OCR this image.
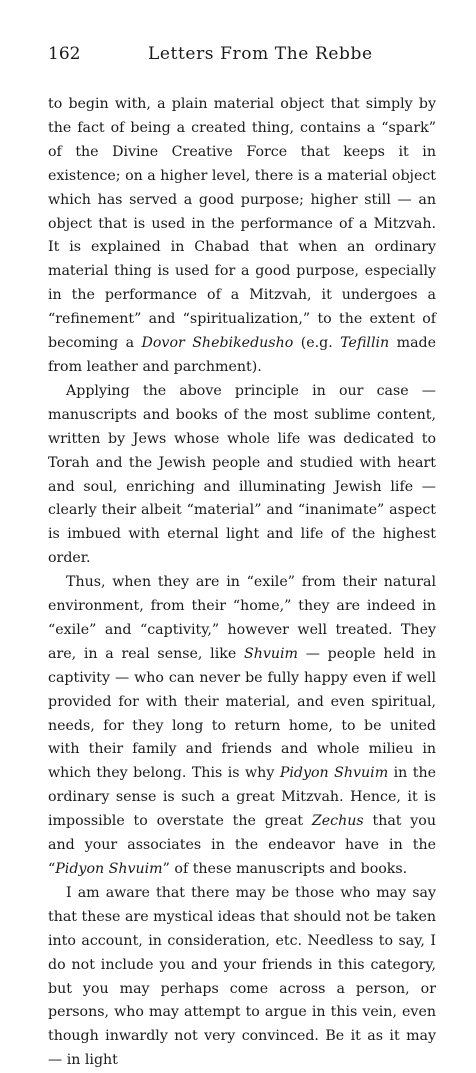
162	Letters From The Rebbe

to begin with, a plain material object that simply by the fact of being a created thing, contains a “spark” of the Divine Creative Force that keeps it in existence; on a higher level, there is a material object which has served a good purpose; higher still — an object that is used in the performance of a Mitzvah. It is explained in Chabad that when an ordinary material thing is used for a good purpose, especially in the performance of a Mitzvah, it undergoes a “refinement” and “spiritualization,” to the extent of becoming a Dovor Shebikedusho (e.g. Tefillin made from leather and parchment).

Applying the above principle in our case — manuscripts and books of the most sublime content, written by Jews whose whole life was dedicated to Torah and the Jewish people and studied with heart and soul, enriching and illuminating Jewish life — clearly their albeit “material” and “inanimate” aspect is imbued with eternal light and life of the highest order.

Thus, when they are in “exile” from their natural environment, from their “home,” they are indeed in “exile” and “captivity,” however well treated. They are, in a real sense, like Shvuim — people held in captivity — who can never be fully happy even if well provided for with their material, and even spiritual, needs, for they long to return home, to be united with their family and friends and whole milieu in which they belong. This is why Pidyon Shvuim in the ordinary sense is such a great Mitzvah. Hence, it is impossible to overstate the great Zechus that you and your associates in the endeavor have in the “Pidyon Shvuim” of these manuscripts and books.

I am aware that there may be those who may say that these are mystical ideas that should not be taken into account, in consideration, etc. Needless to say, I do not include you and your friends in this category, but you may perhaps come across a person, or persons, who may attempt to argue in this vein, even though inwardly not very convinced. Be it as it may — in light
